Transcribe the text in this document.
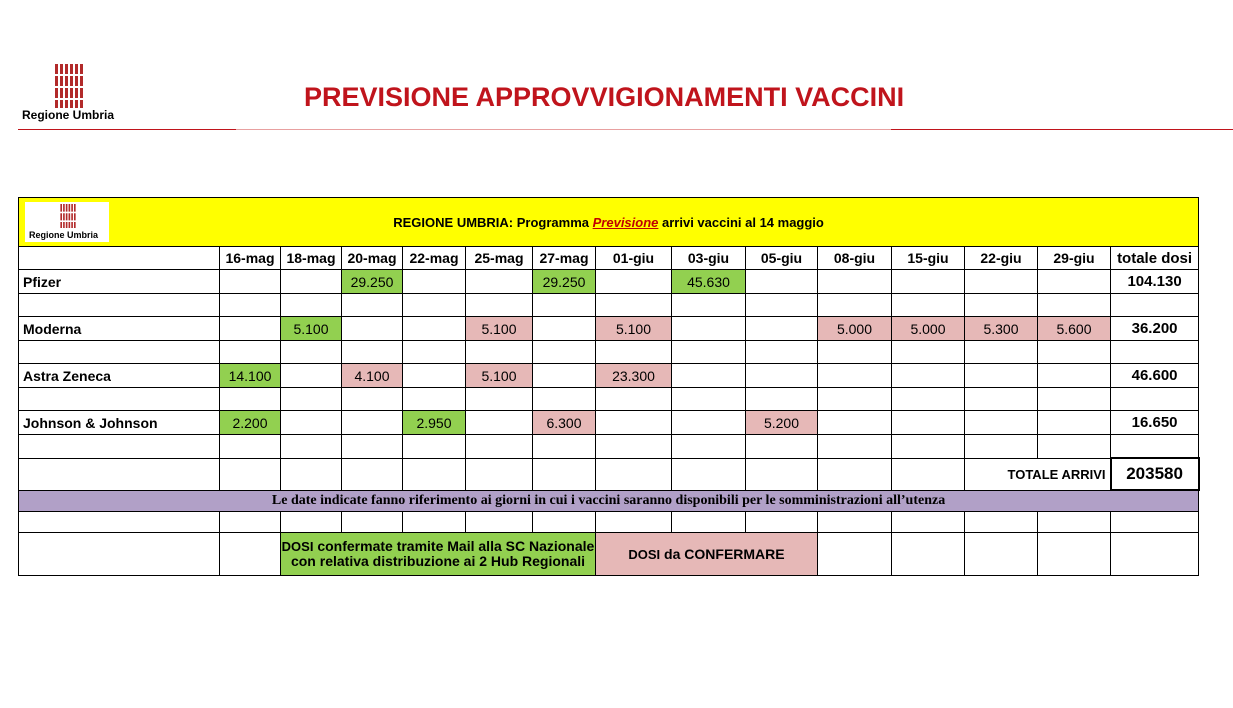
Regione Umbria
PREVISIONE APPROVVIGIONAMENTI VACCINI
Regione Umbria
REGIONE UMBRIA: Programma Previsione arrivi vaccini al 14 maggio														
	16-mag	18-mag	20-mag	22-mag	25-mag	27-mag	01-giu	03-giu	05-giu	08-giu	15-giu	22-giu	29-giu	totale dosi
Pfizer			29.250			29.250		45.630						104.130

Moderna		5.100			5.100		5.100			5.000	5.000	5.300	5.600	36.200

Astra Zeneca	14.100		4.100		5.100		23.300							46.600

Johnson & Johnson	2.200			2.950		6.300			5.200					16.650

												TOTALE ARRIVI		203580
Le date indicate fanno riferimento ai giorni in cui i vaccini saranno disponibili per le somministrazioni all’utenza														

		DOSI confermate tramite Mail alla SC Nazionale con relativa distribuzione ai 2 Hub Regionali					DOSI da CONFERMARE							
